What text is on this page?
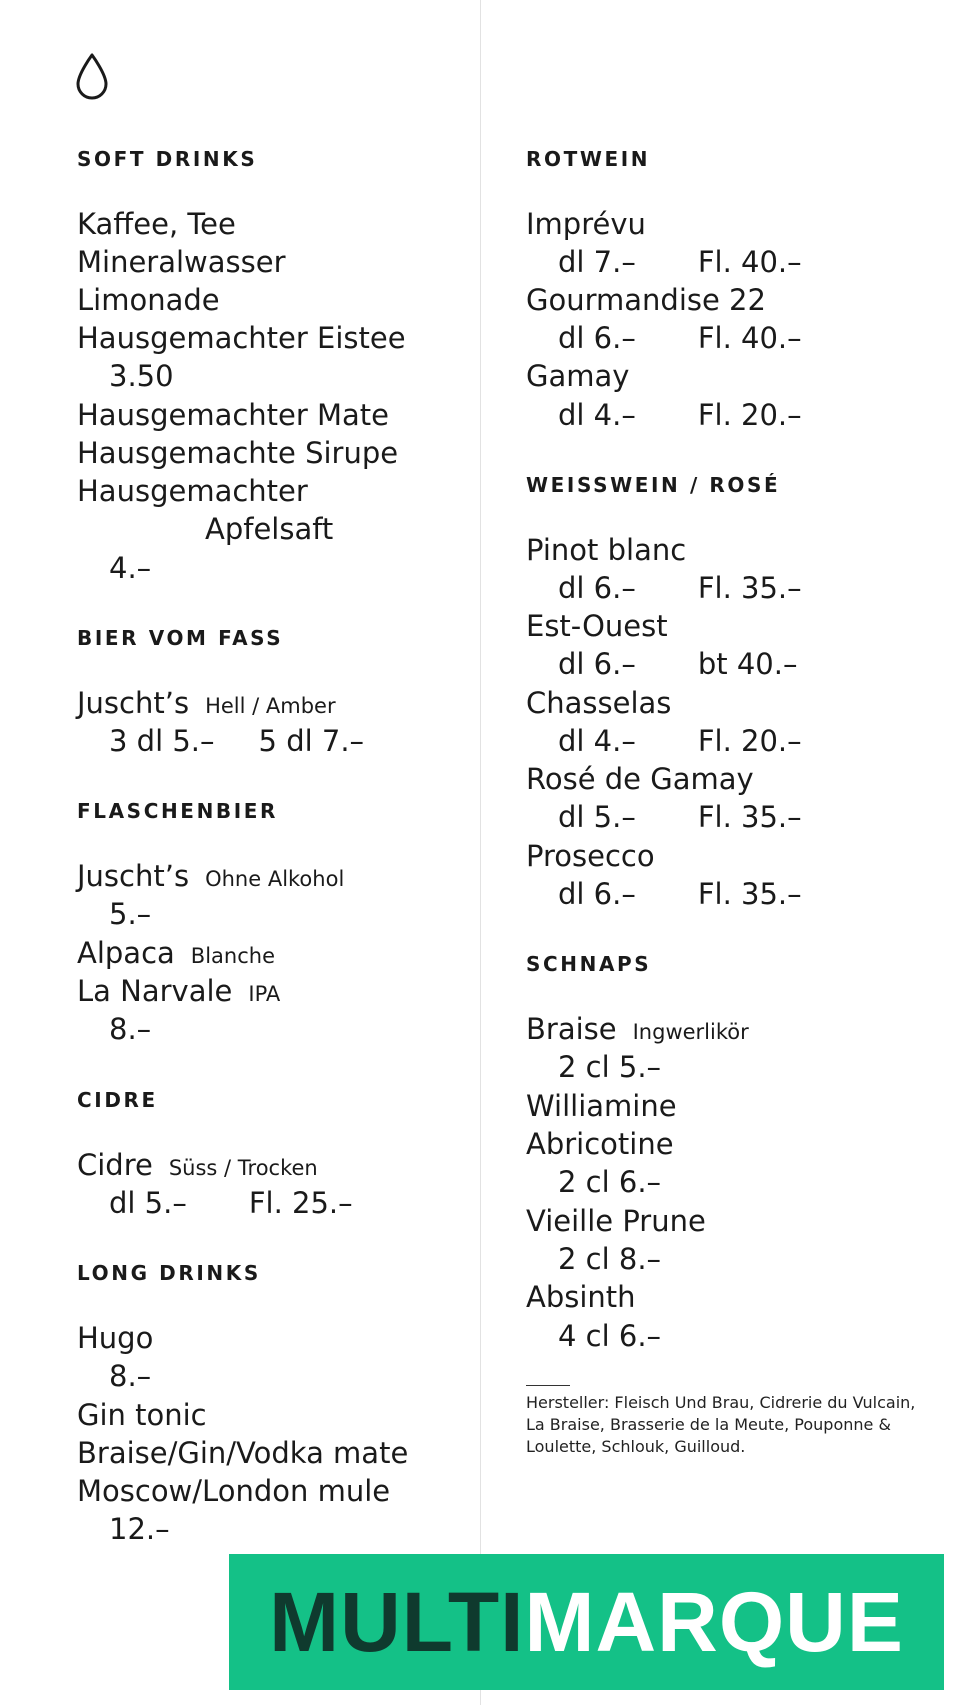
SOFT DRINKS
Kaffee, Tee
Mineralwasser
Limonade
Hausgemachter Eistee
3.50
Hausgemachter Mate
Hausgemachte Sirupe
Hausgemachter
Apfelsaft
4.–
BIER VOM FASS
Juscht’s Hell / Amber
3 dl 5.– 5 dl 7.–
FLASCHENBIER
Juscht’s Ohne Alkohol
5.–
Alpaca Blanche
La Narvale IPA
8.–
CIDRE
Cidre Süss / Trocken
dl 5.– Fl. 25.–
LONG DRINKS
Hugo
8.–
Gin tonic
Braise/Gin/Vodka mate
Moscow/London mule
12.–
ROTWEIN
Imprévu
dl 7.– Fl. 40.–
Gourmandise 22
dl 6.– Fl. 40.–
Gamay
dl 4.– Fl. 20.–
WEISSWEIN / ROSÉ
Pinot blanc
dl 6.– Fl. 35.–
Est-Ouest
dl 6.– bt 40.–
Chasselas
dl 4.– Fl. 20.–
Rosé de Gamay
dl 5.– Fl. 35.–
Prosecco
dl 6.– Fl. 35.–
SCHNAPS
Braise Ingwerlikör
2 cl 5.–
Williamine
Abricotine
2 cl 6.–
Vieille Prune
2 cl 8.–
Absinth
4 cl 6.–

Hersteller: Fleisch Und Brau, Cidrerie du Vulcain, La Braise, Brasserie de la Meute, Pouponne & Loulette, Schlouk, Guilloud.

MULTI MARQUE
